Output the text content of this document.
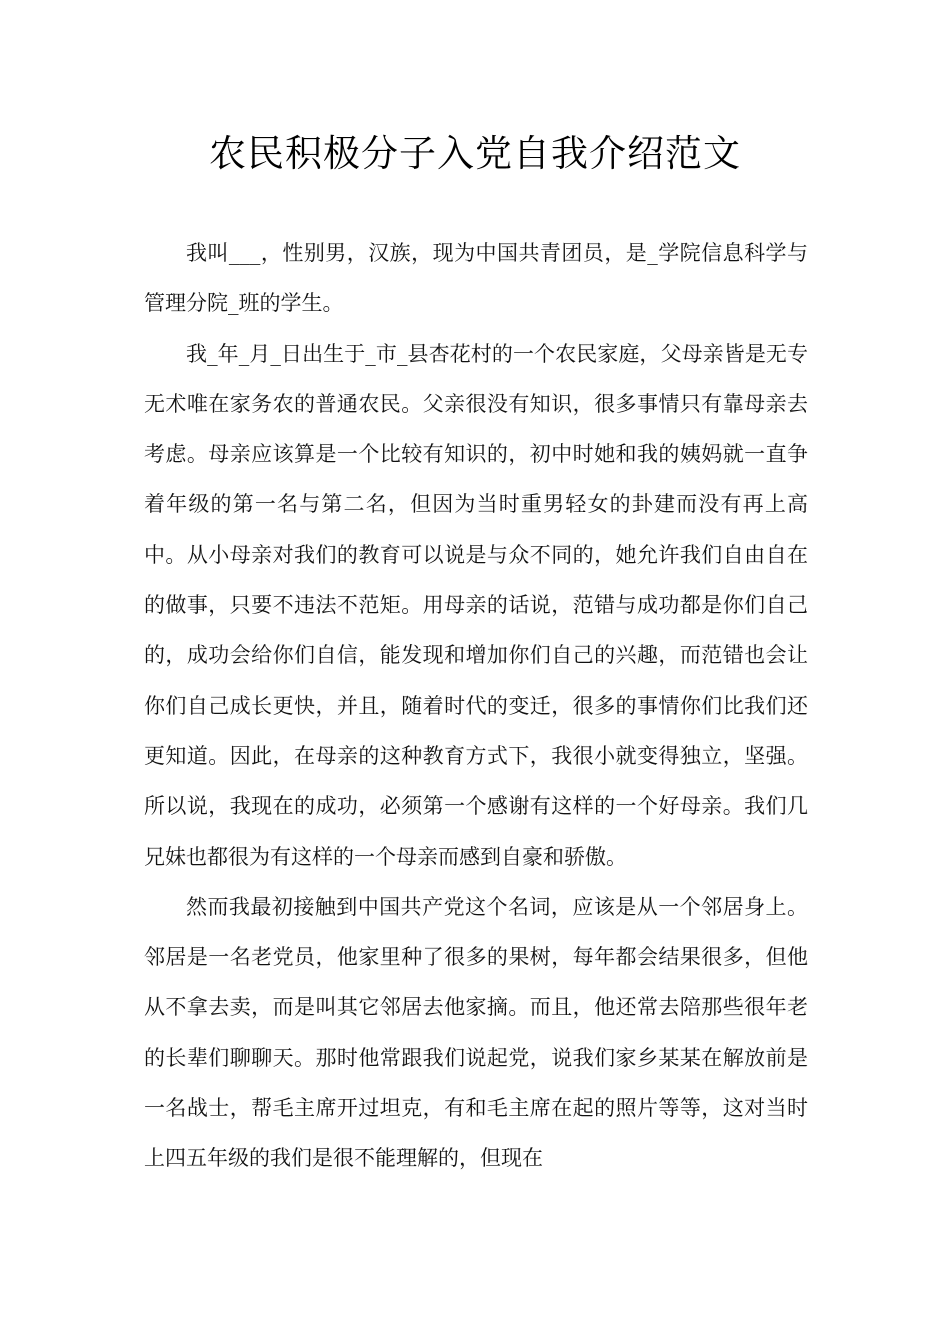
农民积极分子入党自我介绍范文

我叫___，性别男，汉族，现为中国共青团员，是_学院信息科学与管理分院_班的学生。

我_年_月_日出生于_市_县杏花村的一个农民家庭，父母亲皆是无专无术唯在家务农的普通农民。父亲很没有知识，很多事情只有靠母亲去考虑。母亲应该算是一个比较有知识的，初中时她和我的姨妈就一直争着年级的第一名与第二名，但因为当时重男轻女的卦建而没有再上高中。从小母亲对我们的教育可以说是与众不同的，她允许我们自由自在的做事，只要不违法不范矩。用母亲的话说，范错与成功都是你们自己的，成功会给你们自信，能发现和增加你们自己的兴趣，而范错也会让你们自己成长更快，并且，随着时代的变迁，很多的事情你们比我们还更知道。因此，在母亲的这种教育方式下，我很小就变得独立，坚强。所以说，我现在的成功，必须第一个感谢有这样的一个好母亲。我们几兄妹也都很为有这样的一个母亲而感到自豪和骄傲。

然而我最初接触到中国共产党这个名词，应该是从一个邻居身上。邻居是一名老党员，他家里种了很多的果树，每年都会结果很多，但他从不拿去卖，而是叫其它邻居去他家摘。而且，他还常去陪那些很年老的长辈们聊聊天。那时他常跟我们说起党，说我们家乡某某在解放前是一名战士，帮毛主席开过坦克，有和毛主席在起的照片等等，这对当时上四五年级的我们是很不能理解的，但现在
